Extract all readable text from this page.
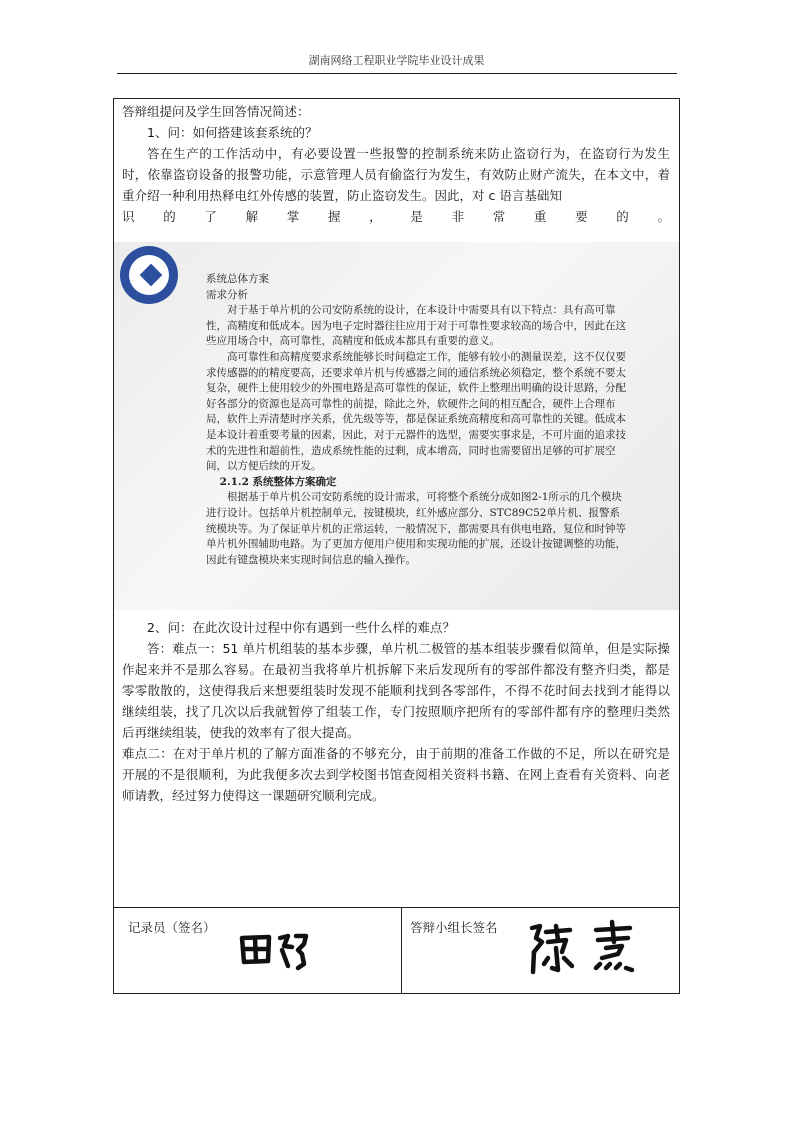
湖南网络工程职业学院毕业设计成果

答辩组提问及学生回答情况简述：

1、问：如何搭建该套系统的？

答在生产的工作活动中，有必要设置一些报警的控制系统来防止盗窃行为，在盗窃行为发生时，依靠盗窃设备的报警功能，示意管理人员有偷盗行为发生，有效防止财产流失，在本文中，着重介绍一种利用热释电红外传感的装置，防止盗窃发生。因此，对 c 语言基础知

识 的 了 解 掌 握 ， 是 非 常 重 要 的 。

系统总体方案

需求分析

对于基于单片机的公司安防系统的设计，在本设计中需要具有以下特点：具有高可靠性，高精度和低成本。因为电子定时器往往应用于对于可靠性要求较高的场合中，因此在这些应用场合中，高可靠性，高精度和低成本都具有重要的意义。

高可靠性和高精度要求系统能够长时间稳定工作，能够有较小的测量误差，这不仅仅要求传感器的的精度要高，还要求单片机与传感器之间的通信系统必须稳定，整个系统不要太复杂，硬件上使用较少的外围电路是高可靠性的保证，软件上整理出明确的设计思路，分配好各部分的资源也是高可靠性的前提，除此之外，软硬件之间的相互配合，硬件上合理布局，软件上弄清楚时序关系，优先级等等，都是保证系统高精度和高可靠性的关键。低成本是本设计着重要考量的因素，因此，对于元器件的选型，需要实事求是，不可片面的追求技术的先进性和超前性，造成系统性能的过剩，成本增高，同时也需要留出足够的可扩展空间，以方便后续的开发。

2.1.2 系统整体方案确定

根据基于单片机公司安防系统的设计需求，可将整个系统分成如图2-1所示的几个模块进行设计。包括单片机控制单元，按键模块，红外感应部分、STC89C52单片机、报警系统模块等。为了保证单片机的正常运转，一般情况下，都需要具有供电电路，复位和时钟等单片机外围辅助电路。为了更加方便用户使用和实现功能的扩展，还设计按键调整的功能，因此有键盘模块来实现时间信息的输入操作。

2、问：在此次设计过程中你有遇到一些什么样的难点？

答：难点一：51 单片机组装的基本步骤，单片机二极管的基本组装步骤看似简单，但是实际操作起来并不是那么容易。在最初当我将单片机拆解下来后发现所有的零部件都没有整齐归类，都是零零散散的，这使得我后来想要组装时发现不能顺利找到各零部件，不得不花时间去找到才能得以继续组装，找了几次以后我就暂停了组装工作，专门按照顺序把所有的零部件都有序的整理归类然后再继续组装，使我的效率有了很大提高。

难点二：在对于单片机的了解方面准备的不够充分，由于前期的准备工作做的不足，所以在研究是开展的不是很顺利，为此我便多次去到学校图书馆查阅相关资料书籍、在网上查看有关资料、向老师请教，经过努力使得这一课题研究顺利完成。

记录员（签名）	答辩小组长签名
